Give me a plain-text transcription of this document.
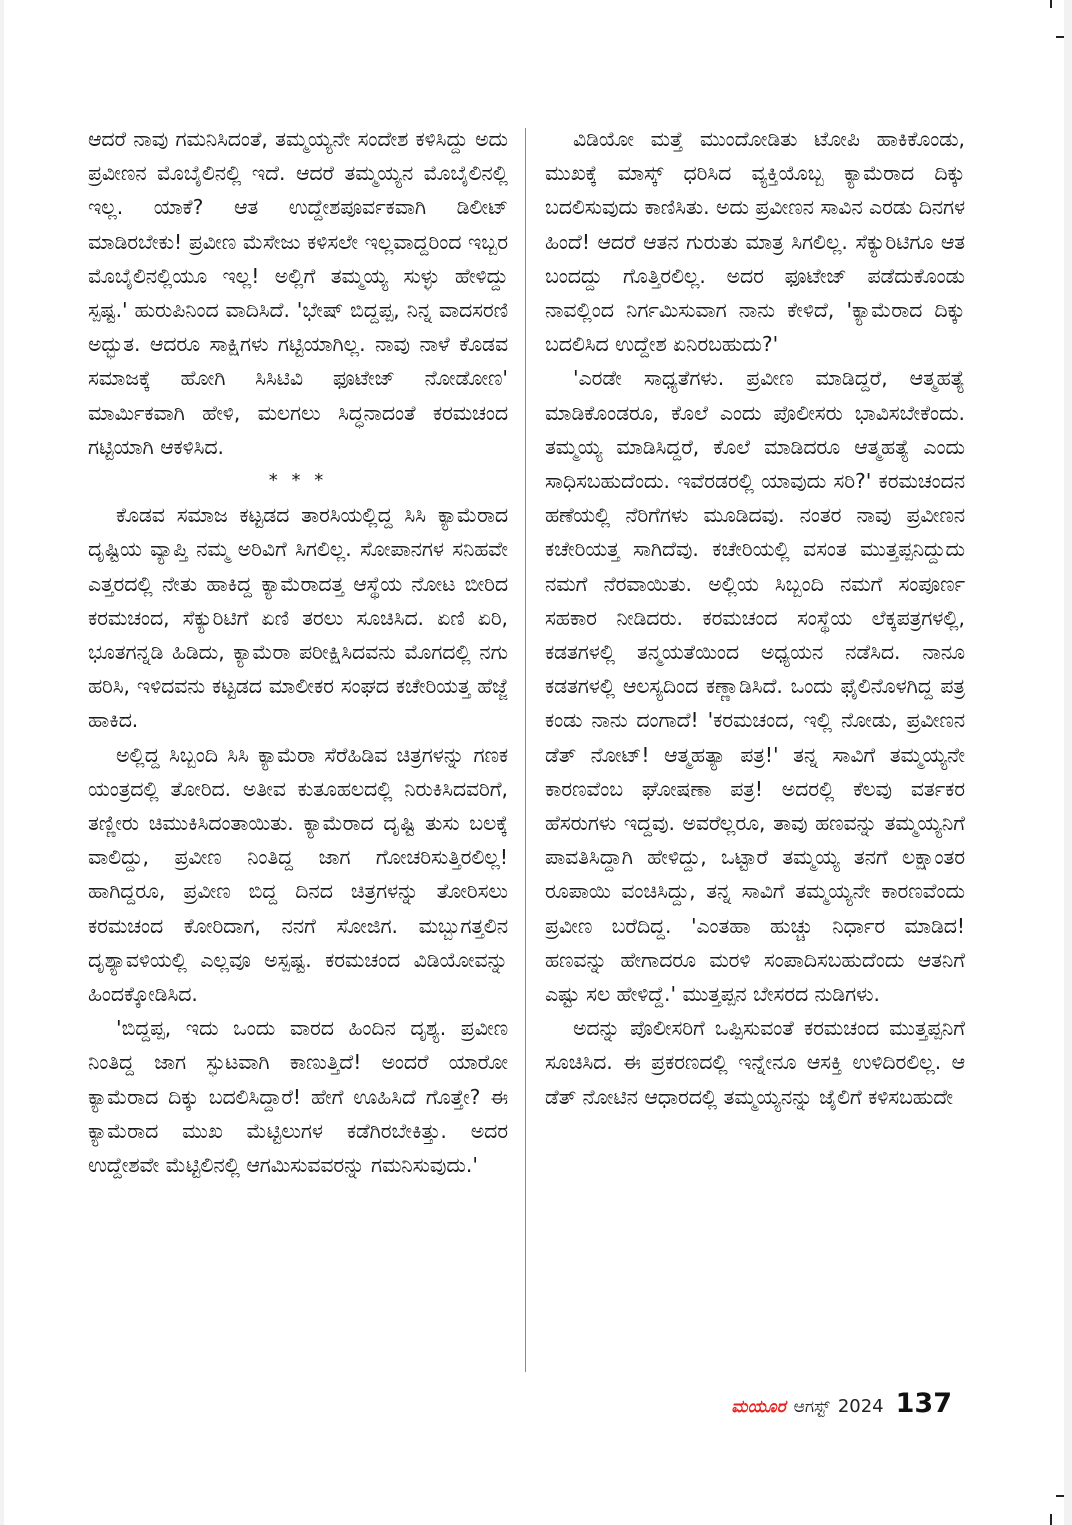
ಆದರೆ ನಾವು ಗಮನಿಸಿದಂತೆ, ತಮ್ಮಯ್ಯನೇ ಸಂದೇಶ ಕಳಿಸಿದ್ದು ಅದು ಪ್ರವೀಣನ ಮೊಬೈಲಿನಲ್ಲಿ ಇದೆ. ಆದರೆ ತಮ್ಮಯ್ಯನ ಮೊಬೈಲಿನಲ್ಲಿ ಇಲ್ಲ. ಯಾಕೆ? ಆತ ಉದ್ದೇಶಪೂರ್ವಕವಾಗಿ ಡಿಲೀಟ್ ಮಾಡಿರಬೇಕು! ಪ್ರವೀಣ ಮೆಸೇಜು ಕಳಿಸಲೇ ಇಲ್ಲವಾದ್ದರಿಂದ ಇಬ್ಬರ ಮೊಬೈಲಿನಲ್ಲಿಯೂ ಇಲ್ಲ! ಅಲ್ಲಿಗೆ ತಮ್ಮಯ್ಯ ಸುಳ್ಳು ಹೇಳಿದ್ದು ಸ್ಪಷ್ಟ.' ಹುರುಪಿನಿಂದ ವಾದಿಸಿದೆ. 'ಭೇಷ್ ಬಿದ್ದಪ್ಪ, ನಿನ್ನ ವಾದಸರಣಿ ಅದ್ಭುತ. ಆದರೂ ಸಾಕ್ಷಿಗಳು ಗಟ್ಟಿಯಾಗಿಲ್ಲ. ನಾವು ನಾಳೆ ಕೊಡವ ಸಮಾಜಕ್ಕೆ ಹೋಗಿ ಸಿಸಿಟಿವಿ ಫೂಟೇಜ್ ನೋಡೋಣ' ಮಾರ್ಮಿಕವಾಗಿ ಹೇಳಿ, ಮಲಗಲು ಸಿದ್ಧನಾದಂತೆ ಕರಮಚಂದ ಗಟ್ಟಿಯಾಗಿ ಆಕಳಿಸಿದ.

* * *

ಕೊಡವ ಸಮಾಜ ಕಟ್ಟಡದ ತಾರಸಿಯಲ್ಲಿದ್ದ ಸಿಸಿ ಕ್ಯಾಮೆರಾದ ದೃಷ್ಟಿಯ ವ್ಯಾಪ್ತಿ ನಮ್ಮ ಅರಿವಿಗೆ ಸಿಗಲಿಲ್ಲ. ಸೋಪಾನಗಳ ಸನಿಹವೇ ಎತ್ತರದಲ್ಲಿ ನೇತು ಹಾಕಿದ್ದ ಕ್ಯಾಮೆರಾದತ್ತ ಆಸ್ಥೆಯ ನೋಟ ಬೀರಿದ ಕರಮಚಂದ, ಸೆಕ್ಯುರಿಟಿಗೆ ಏಣಿ ತರಲು ಸೂಚಿಸಿದ. ಏಣಿ ಏರಿ, ಭೂತಗನ್ನಡಿ ಹಿಡಿದು, ಕ್ಯಾಮೆರಾ ಪರೀಕ್ಷಿಸಿದವನು ಮೊಗದಲ್ಲಿ ನಗು ಹರಿಸಿ, ಇಳಿದವನು ಕಟ್ಟಡದ ಮಾಲೀಕರ ಸಂಘದ ಕಚೇರಿಯತ್ತ ಹೆಜ್ಜೆ ಹಾಕಿದ.

ಅಲ್ಲಿದ್ದ ಸಿಬ್ಬಂದಿ ಸಿಸಿ ಕ್ಯಾಮೆರಾ ಸೆರೆಹಿಡಿವ ಚಿತ್ರಗಳನ್ನು ಗಣಕ ಯಂತ್ರದಲ್ಲಿ ತೋರಿದ. ಅತೀವ ಕುತೂಹಲದಲ್ಲಿ ನಿರುಕಿಸಿದವರಿಗೆ, ತಣ್ಣೀರು ಚಿಮುಕಿಸಿದಂತಾಯಿತು. ಕ್ಯಾಮೆರಾದ ದೃಷ್ಟಿ ತುಸು ಬಲಕ್ಕೆ ವಾಲಿದ್ದು, ಪ್ರವೀಣ ನಿಂತಿದ್ದ ಜಾಗ ಗೋಚರಿಸುತ್ತಿರಲಿಲ್ಲ! ಹಾಗಿದ್ದರೂ, ಪ್ರವೀಣ ಬಿದ್ದ ದಿನದ ಚಿತ್ರಗಳನ್ನು ತೋರಿಸಲು ಕರಮಚಂದ ಕೋರಿದಾಗ, ನನಗೆ ಸೋಜಿಗ. ಮಬ್ಬುಗತ್ತಲಿನ ದೃಶ್ಯಾವಳಿಯಲ್ಲಿ ಎಲ್ಲವೂ ಅಸ್ಪಷ್ಟ. ಕರಮಚಂದ ವಿಡಿಯೋವನ್ನು ಹಿಂದಕ್ಕೋಡಿಸಿದ.

'ಬಿದ್ದಪ್ಪ, ಇದು ಒಂದು ವಾರದ ಹಿಂದಿನ ದೃಶ್ಯ. ಪ್ರವೀಣ ನಿಂತಿದ್ದ ಜಾಗ ಸ್ಫುಟವಾಗಿ ಕಾಣುತ್ತಿದೆ! ಅಂದರೆ ಯಾರೋ ಕ್ಯಾಮೆರಾದ ದಿಕ್ಕು ಬದಲಿಸಿದ್ದಾರೆ! ಹೇಗೆ ಊಹಿಸಿದೆ ಗೊತ್ತೇ? ಈ ಕ್ಯಾಮೆರಾದ ಮುಖ ಮೆಟ್ಟಿಲುಗಳ ಕಡೆಗಿರಬೇಕಿತ್ತು. ಅದರ ಉದ್ದೇಶವೇ ಮೆಟ್ಟಿಲಿನಲ್ಲಿ ಆಗಮಿಸುವವರನ್ನು ಗಮನಿಸುವುದು.'

ವಿಡಿಯೋ ಮತ್ತೆ ಮುಂದೋಡಿತು ಟೋಪಿ ಹಾಕಿಕೊಂಡು, ಮುಖಕ್ಕೆ ಮಾಸ್ಕ್ ಧರಿಸಿದ ವ್ಯಕ್ತಿಯೊಬ್ಬ ಕ್ಯಾಮೆರಾದ ದಿಕ್ಕು ಬದಲಿಸುವುದು ಕಾಣಿಸಿತು. ಅದು ಪ್ರವೀಣನ ಸಾವಿನ ಎರಡು ದಿನಗಳ ಹಿಂದೆ! ಆದರೆ ಆತನ ಗುರುತು ಮಾತ್ರ ಸಿಗಲಿಲ್ಲ. ಸೆಕ್ಯುರಿಟಿಗೂ ಆತ ಬಂದದ್ದು ಗೊತ್ತಿರಲಿಲ್ಲ. ಅದರ ಫೂಟೇಜ್ ಪಡೆದುಕೊಂಡು ನಾವಲ್ಲಿಂದ ನಿರ್ಗಮಿಸುವಾಗ ನಾನು ಕೇಳಿದೆ, 'ಕ್ಯಾಮೆರಾದ ದಿಕ್ಕು ಬದಲಿಸಿದ ಉದ್ದೇಶ ಏನಿರಬಹುದು?'

'ಎರಡೇ ಸಾಧ್ಯತೆಗಳು. ಪ್ರವೀಣ ಮಾಡಿದ್ದರೆ, ಆತ್ಮಹತ್ಯೆ ಮಾಡಿಕೊಂಡರೂ, ಕೊಲೆ ಎಂದು ಪೊಲೀಸರು ಭಾವಿಸಬೇಕೆಂದು. ತಮ್ಮಯ್ಯ ಮಾಡಿಸಿದ್ದರೆ, ಕೊಲೆ ಮಾಡಿದರೂ ಆತ್ಮಹತ್ಯೆ ಎಂದು ಸಾಧಿಸಬಹುದೆಂದು. ಇವೆರಡರಲ್ಲಿ ಯಾವುದು ಸರಿ?' ಕರಮಚಂದನ ಹಣೆಯಲ್ಲಿ ನೆರಿಗೆಗಳು ಮೂಡಿದವು. ನಂತರ ನಾವು ಪ್ರವೀಣನ ಕಚೇರಿಯತ್ತ ಸಾಗಿದೆವು. ಕಚೇರಿಯಲ್ಲಿ ವಸಂತ ಮುತ್ತಪ್ಪನಿದ್ದುದು ನಮಗೆ ನೆರವಾಯಿತು. ಅಲ್ಲಿಯ ಸಿಬ್ಬಂದಿ ನಮಗೆ ಸಂಪೂರ್ಣ ಸಹಕಾರ ನೀಡಿದರು. ಕರಮಚಂದ ಸಂಸ್ಥೆಯ ಲೆಕ್ಕಪತ್ರಗಳಲ್ಲಿ, ಕಡತಗಳಲ್ಲಿ ತನ್ಮಯತೆಯಿಂದ ಅಧ್ಯಯನ ನಡೆಸಿದ. ನಾನೂ ಕಡತಗಳಲ್ಲಿ ಆಲಸ್ಯದಿಂದ ಕಣ್ಣಾಡಿಸಿದೆ. ಒಂದು ಫೈಲಿನೊಳಗಿದ್ದ ಪತ್ರ ಕಂಡು ನಾನು ದಂಗಾದೆ! 'ಕರಮಚಂದ, ಇಲ್ಲಿ ನೋಡು, ಪ್ರವೀಣನ ಡೆತ್ ನೋಟ್! ಆತ್ಮಹತ್ಯಾ ಪತ್ರ!' ತನ್ನ ಸಾವಿಗೆ ತಮ್ಮಯ್ಯನೇ ಕಾರಣವೆಂಬ ಘೋಷಣಾ ಪತ್ರ! ಅದರಲ್ಲಿ ಕೆಲವು ವರ್ತಕರ ಹೆಸರುಗಳು ಇದ್ದವು. ಅವರೆಲ್ಲರೂ, ತಾವು ಹಣವನ್ನು ತಮ್ಮಯ್ಯನಿಗೆ ಪಾವತಿಸಿದ್ದಾಗಿ ಹೇಳಿದ್ದು, ಒಟ್ಟಾರೆ ತಮ್ಮಯ್ಯ ತನಗೆ ಲಕ್ಷಾಂತರ ರೂಪಾಯಿ ವಂಚಿಸಿದ್ದು, ತನ್ನ ಸಾವಿಗೆ ತಮ್ಮಯ್ಯನೇ ಕಾರಣವೆಂದು ಪ್ರವೀಣ ಬರೆದಿದ್ದ. 'ಎಂತಹಾ ಹುಚ್ಚು ನಿರ್ಧಾರ ಮಾಡಿದ! ಹಣವನ್ನು ಹೇಗಾದರೂ ಮರಳಿ ಸಂಪಾದಿಸಬಹುದೆಂದು ಆತನಿಗೆ ಎಷ್ಟು ಸಲ ಹೇಳಿದ್ದೆ.' ಮುತ್ತಪ್ಪನ ಬೇಸರದ ನುಡಿಗಳು.

ಅದನ್ನು ಪೊಲೀಸರಿಗೆ ಒಪ್ಪಿಸುವಂತೆ ಕರಮಚಂದ ಮುತ್ತಪ್ಪನಿಗೆ ಸೂಚಿಸಿದ. ಈ ಪ್ರಕರಣದಲ್ಲಿ ಇನ್ನೇನೂ ಆಸಕ್ತಿ ಉಳಿದಿರಲಿಲ್ಲ. ಆ ಡೆತ್ ನೋಟಿನ ಆಧಾರದಲ್ಲಿ ತಮ್ಮಯ್ಯನನ್ನು ಜೈಲಿಗೆ ಕಳಿಸಬಹುದೇ

ಮಯೂರ ಆಗಸ್ಟ್ 2024 137
